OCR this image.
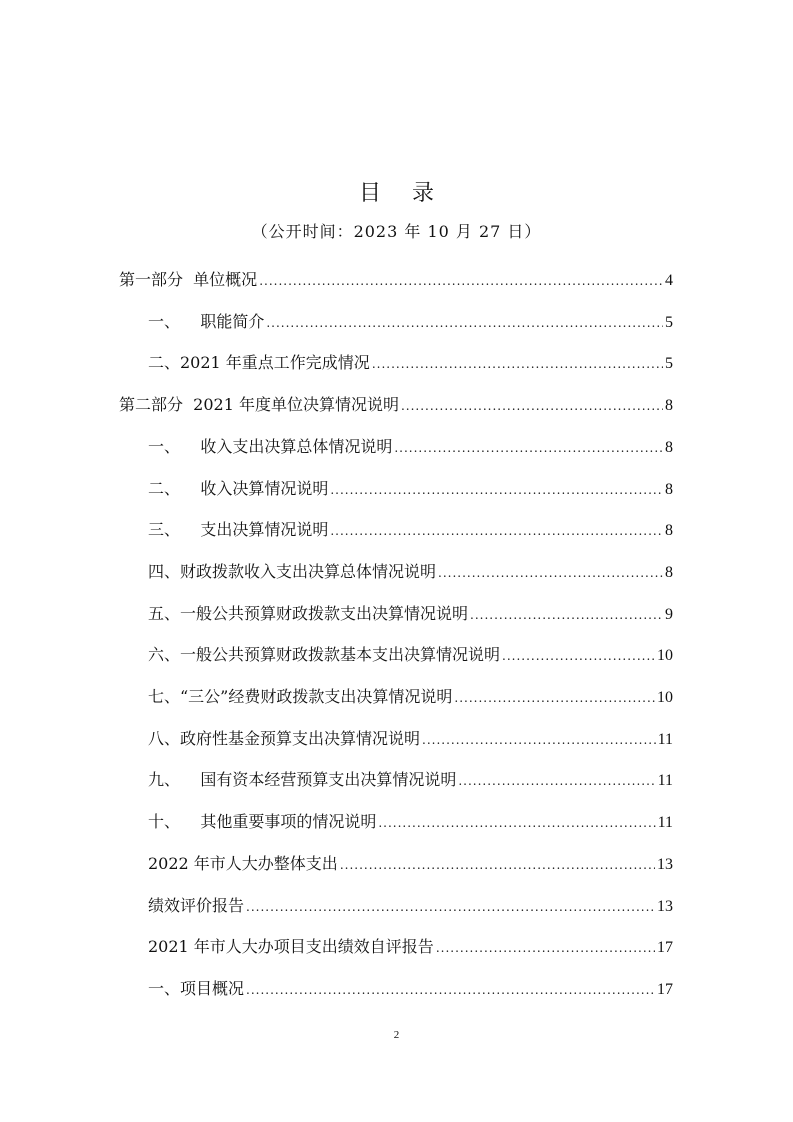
目 录
（公开时间：2023 年 10 月 27 日）
第一部分  单位概况 .....	4
一、    职能简介 .....	5
二、2021 年重点工作完成情况 .....	5
第二部分  2021 年度单位决算情况说明 .....	8
一、    收入支出决算总体情况说明 .....	8
二、    收入决算情况说明 .....	8
三、    支出决算情况说明 .....	8
四、财政拨款收入支出决算总体情况说明 .....	8
五、一般公共预算财政拨款支出决算情况说明 .....	9
六、一般公共预算财政拨款基本支出决算情况说明 .....	10
七、“三公”经费财政拨款支出决算情况说明 .....	10
八、政府性基金预算支出决算情况说明 .....	11
九、    国有资本经营预算支出决算情况说明 .....	11
十、    其他重要事项的情况说明 .....	11
2022 年市人大办整体支出 .....	13
绩效评价报告 .....	13
2021 年市人大办项目支出绩效自评报告 .....	17
一、项目概况 .....	17
2
